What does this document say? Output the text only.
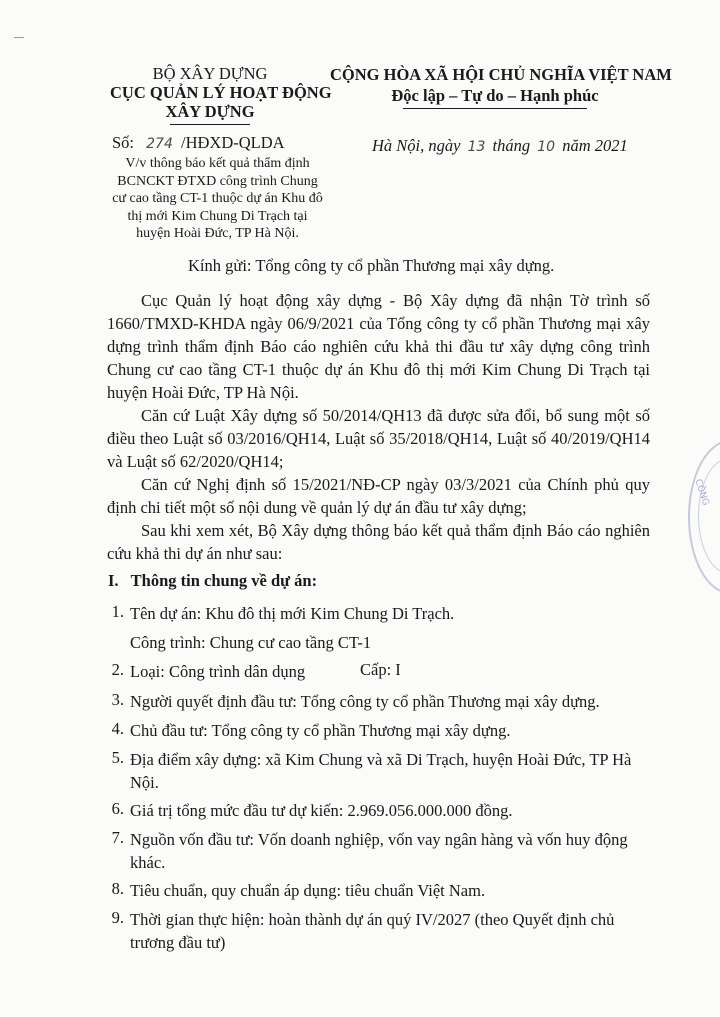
BỘ XÂY DỰNG
CỤC QUẢN LÝ HOẠT ĐỘNG
XÂY DỰNG
CỘNG HÒA XÃ HỘI CHỦ NGHĨA VIỆT NAM
Độc lập – Tự do – Hạnh phúc
Số: 274 /HĐXD-QLDA
V/v thông báo kết quả thẩm định
BCNCKT ĐTXD công trình Chung
cư cao tầng CT-1 thuộc dự án Khu đô
thị mới Kim Chung Di Trạch tại
huyện Hoài Đức, TP Hà Nội.
Hà Nội, ngày 13 tháng 10 năm 2021
Kính gửi: Tổng công ty cổ phần Thương mại xây dựng.
Cục Quản lý hoạt động xây dựng - Bộ Xây dựng đã nhận Tờ trình số 1660/TMXD-KHDA ngày 06/9/2021 của Tổng công ty cổ phần Thương mại xây dựng trình thẩm định Báo cáo nghiên cứu khả thi đầu tư xây dựng công trình Chung cư cao tầng CT-1 thuộc dự án Khu đô thị mới Kim Chung Di Trạch tại huyện Hoài Đức, TP Hà Nội.
Căn cứ Luật Xây dựng số 50/2014/QH13 đã được sửa đổi, bổ sung một số điều theo Luật số 03/2016/QH14, Luật số 35/2018/QH14, Luật số 40/2019/QH14 và Luật số 62/2020/QH14;
Căn cứ Nghị định số 15/2021/NĐ-CP ngày 03/3/2021 của Chính phủ quy định chi tiết một số nội dung về quản lý dự án đầu tư xây dựng;
Sau khi xem xét, Bộ Xây dựng thông báo kết quả thẩm định Báo cáo nghiên cứu khả thi dự án như sau:
I. Thông tin chung về dự án:
1. Tên dự án: Khu đô thị mới Kim Chung Di Trạch.
Công trình: Chung cư cao tầng CT-1
2. Loại: Công trình dân dụng	Cấp: I
3. Người quyết định đầu tư: Tổng công ty cổ phần Thương mại xây dựng.
4. Chủ đầu tư: Tổng công ty cổ phần Thương mại xây dựng.
5. Địa điểm xây dựng: xã Kim Chung và xã Di Trạch, huyện Hoài Đức, TP Hà Nội.
6. Giá trị tổng mức đầu tư dự kiến: 2.969.056.000.000 đồng.
7. Nguồn vốn đầu tư: Vốn doanh nghiệp, vốn vay ngân hàng và vốn huy động khác.
8. Tiêu chuẩn, quy chuẩn áp dụng: tiêu chuẩn Việt Nam.
9. Thời gian thực hiện: hoàn thành dự án quý IV/2027 (theo Quyết định chủ trương đầu tư)
CÔNG
